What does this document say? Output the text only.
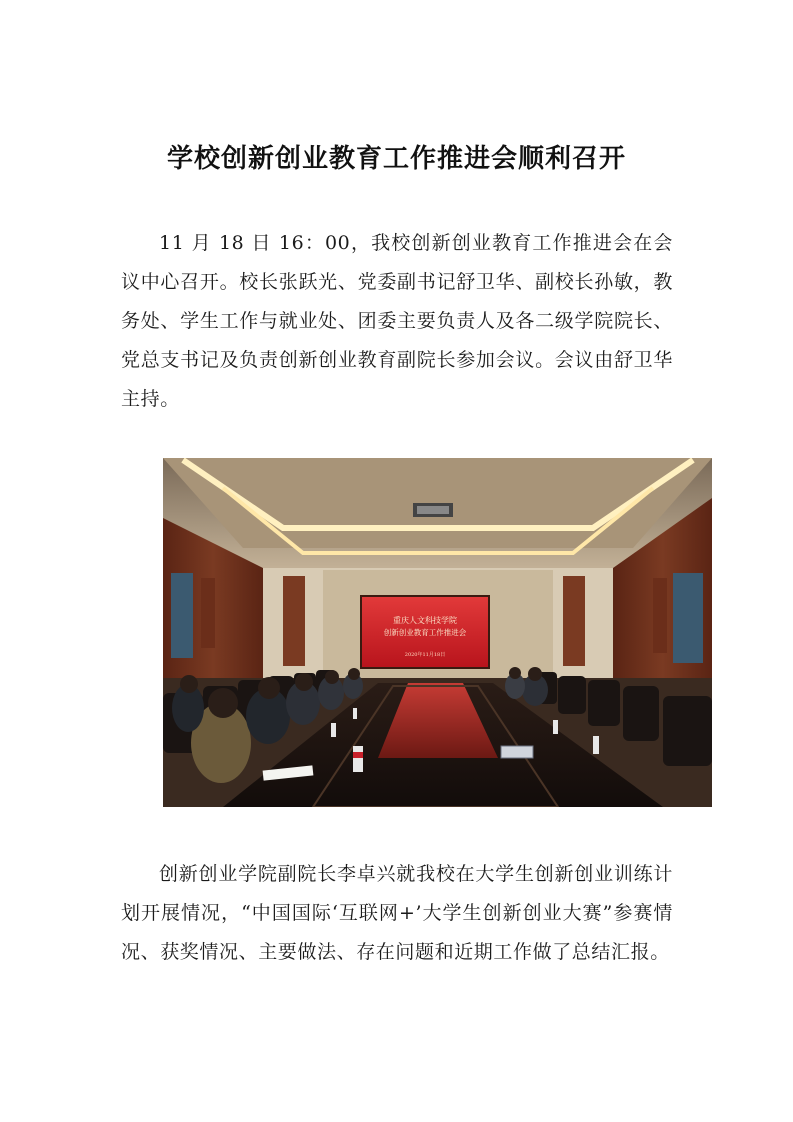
学校创新创业教育工作推进会顺利召开

11 月 18 日 16：00，我校创新创业教育工作推进会在会议中心召开。校长张跃光、党委副书记舒卫华、副校长孙敏，教务处、学生工作与就业处、团委主要负责人及各二级学院院长、党总支书记及负责创新创业教育副院长参加会议。会议由舒卫华主持。

重庆人文科技学院
创新创业教育工作推进会
2020年11月18日

创新创业学院副院长李卓兴就我校在大学生创新创业训练计划开展情况，“中国国际‘互联网+’大学生创新创业大赛”参赛情况、获奖情况、主要做法、存在问题和近期工作做了总结汇报。
